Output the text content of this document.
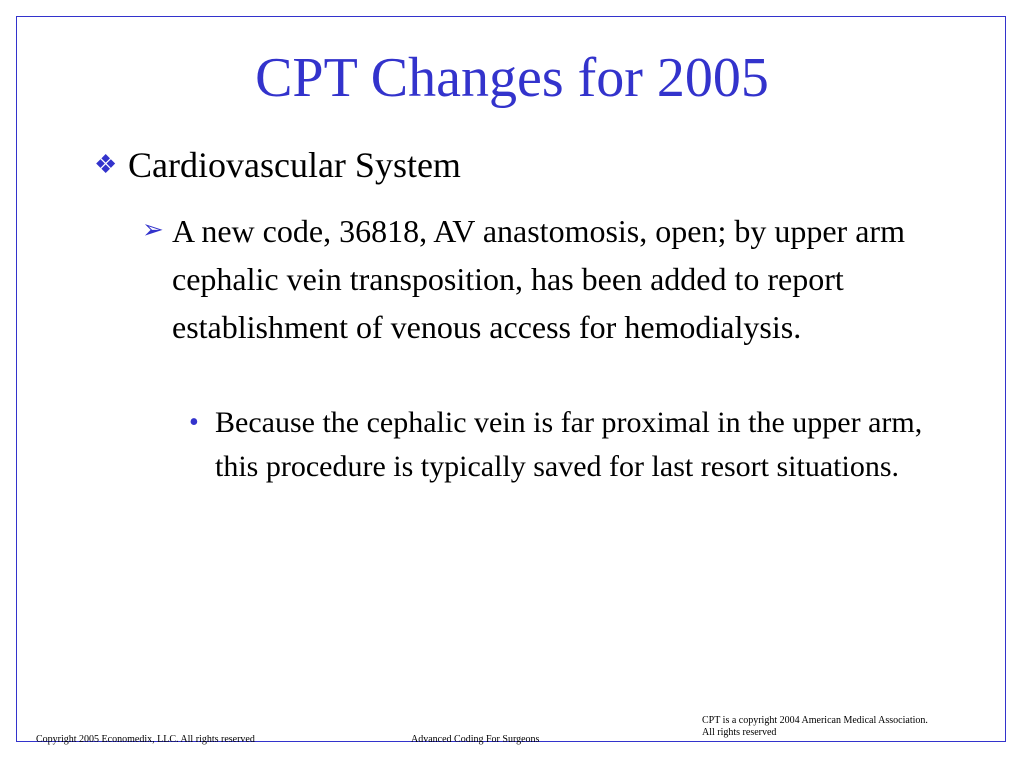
CPT Changes for 2005
❖ Cardiovascular System
➢ A new code, 36818, AV anastomosis, open; by upper arm cephalic vein transposition, has been added to report establishment of venous access for hemodialysis.
• Because the cephalic vein is far proximal in the upper arm, this procedure is typically saved for last resort situations.
Copyright 2005 Economedix, LLC. All rights reserved	Advanced Coding For Surgeons
CPT is a copyright 2004 American Medical Association.
All rights reserved
